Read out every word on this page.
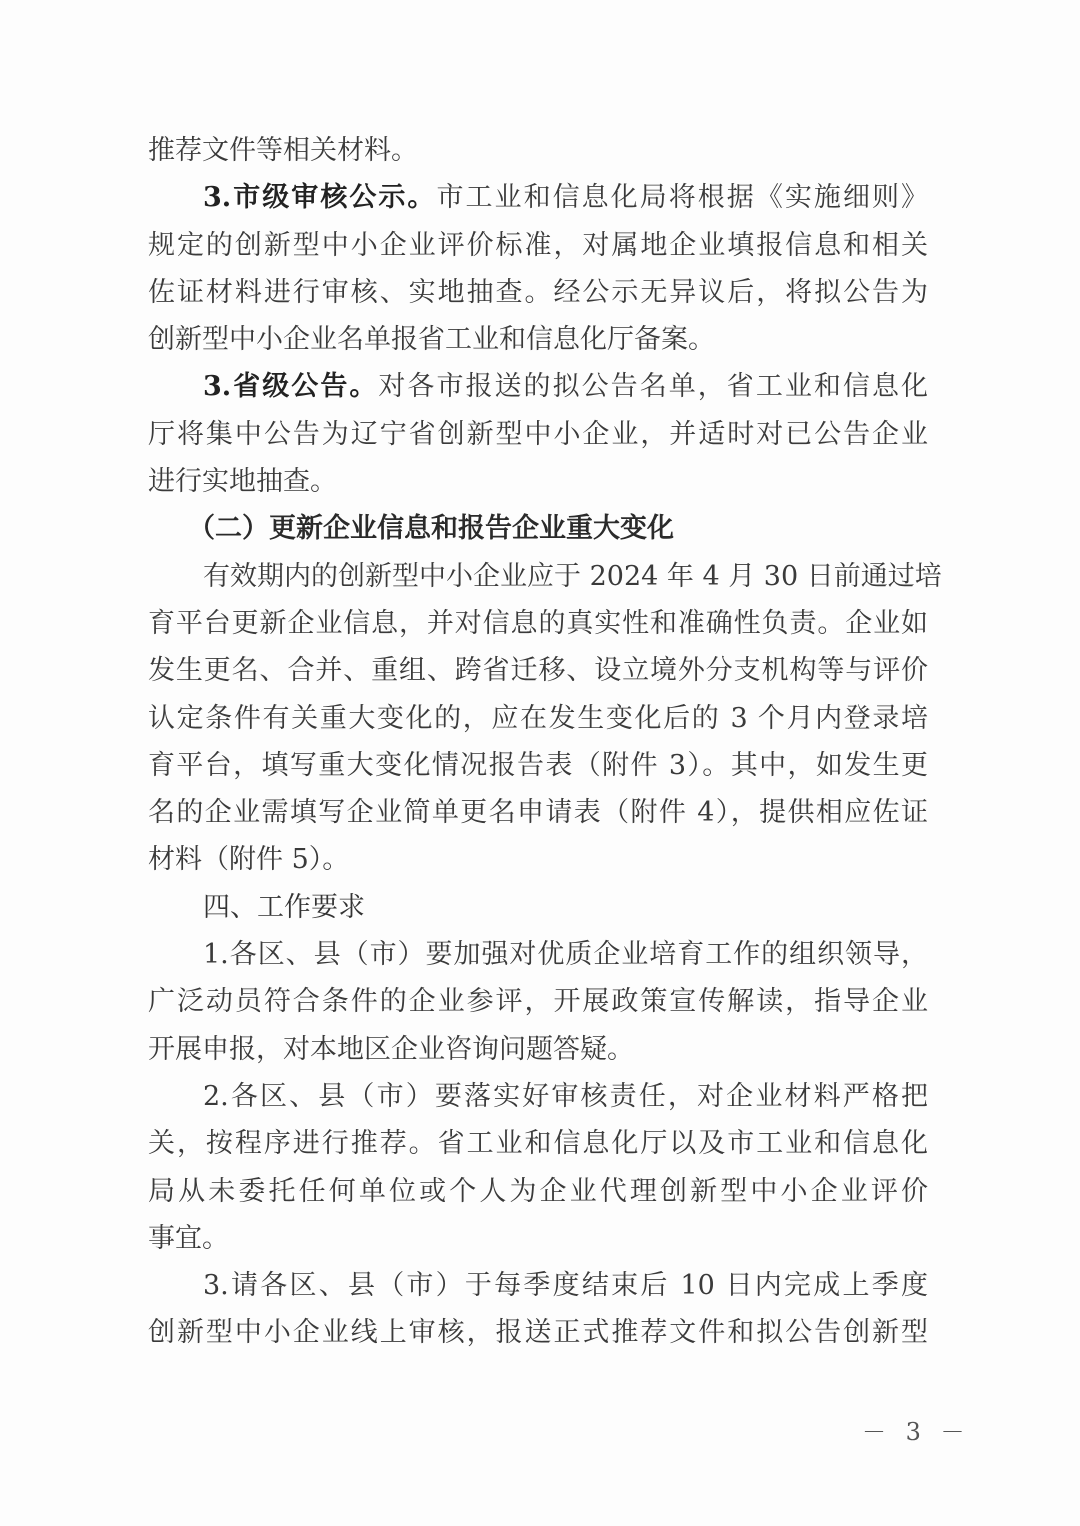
推荐文件等相关材料。
3.市级审核公示。市工业和信息化局将根据《实施细则》
规定的创新型中小企业评价标准，对属地企业填报信息和相关
佐证材料进行审核、实地抽查。经公示无异议后，将拟公告为
创新型中小企业名单报省工业和信息化厅备案。
3.省级公告。对各市报送的拟公告名单，省工业和信息化
厅将集中公告为辽宁省创新型中小企业，并适时对已公告企业
进行实地抽查。
（二）更新企业信息和报告企业重大变化
有效期内的创新型中小企业应于 2024 年 4 月 30 日前通过培
育平台更新企业信息，并对信息的真实性和准确性负责。企业如
发生更名、合并、重组、跨省迁移、设立境外分支机构等与评价
认定条件有关重大变化的，应在发生变化后的 3 个月内登录培
育平台，填写重大变化情况报告表（附件 3）。其中，如发生更
名的企业需填写企业简单更名申请表（附件 4），提供相应佐证
材料（附件 5）。
四、工作要求
1.各区、县（市）要加强对优质企业培育工作的组织领导，
广泛动员符合条件的企业参评，开展政策宣传解读，指导企业
开展申报，对本地区企业咨询问题答疑。
2.各区、县（市）要落实好审核责任，对企业材料严格把
关，按程序进行推荐。省工业和信息化厅以及市工业和信息化
局从未委托任何单位或个人为企业代理创新型中小企业评价
事宜。
3.请各区、县（市）于每季度结束后 10 日内完成上季度
创新型中小企业线上审核，报送正式推荐文件和拟公告创新型
－ 3 －
